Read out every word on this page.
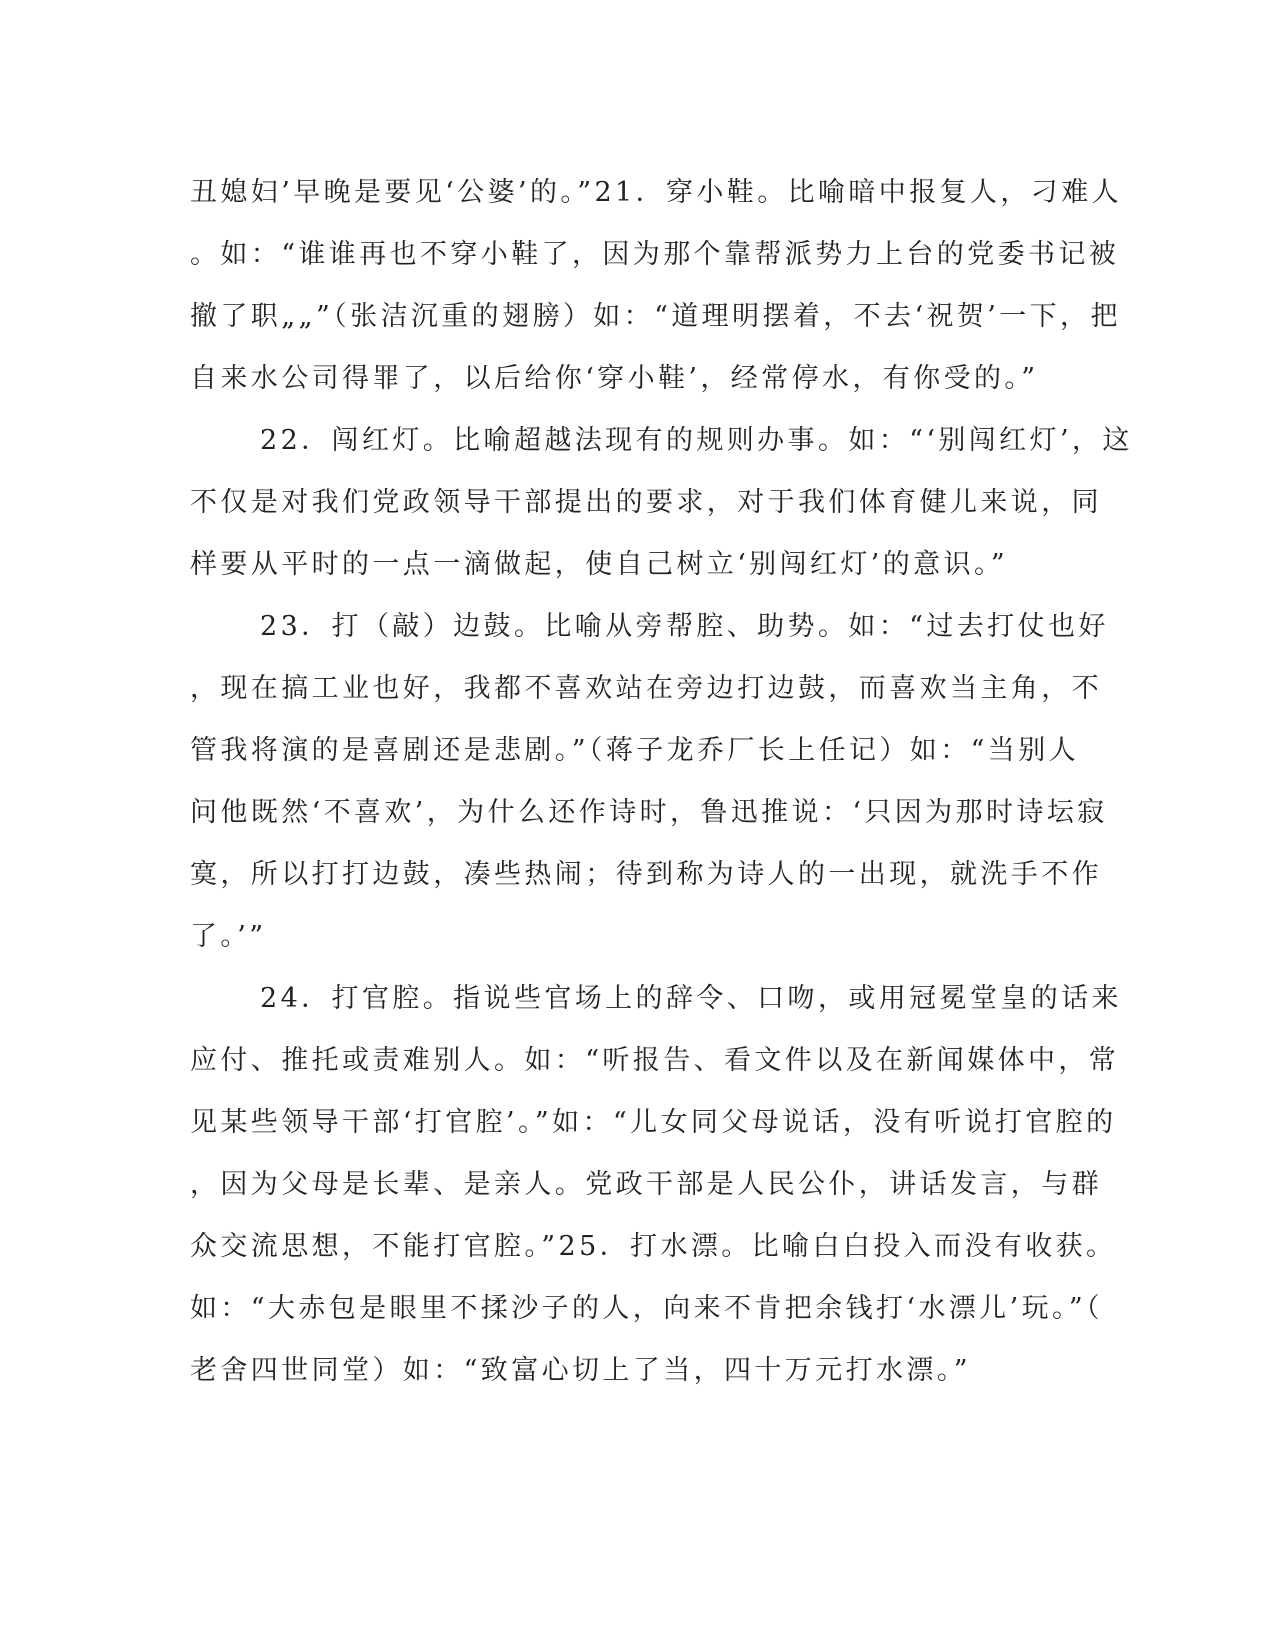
丑媳妇’早晚是要见‘公婆’的。”21．穿小鞋。比喻暗中报复人，刁难人
。如：“谁谁再也不穿小鞋了，因为那个靠帮派势力上台的党委书记被
撤了职„„”（张洁沉重的翅膀）如：“道理明摆着，不去‘祝贺’一下，把
自来水公司得罪了，以后给你‘穿小鞋’，经常停水，有你受的。”
22．闯红灯。比喻超越法现有的规则办事。如：“‘别闯红灯’，这
不仅是对我们党政领导干部提出的要求，对于我们体育健儿来说，同
样要从平时的一点一滴做起，使自己树立‘别闯红灯’的意识。”
23．打（敲）边鼓。比喻从旁帮腔、助势。如：“过去打仗也好
，现在搞工业也好，我都不喜欢站在旁边打边鼓，而喜欢当主角，不
管我将演的是喜剧还是悲剧。”（蒋子龙乔厂长上任记）如：“当别人
问他既然‘不喜欢’，为什么还作诗时，鲁迅推说：‘只因为那时诗坛寂
寞，所以打打边鼓，凑些热闹；待到称为诗人的一出现，就洗手不作
了。’”
24．打官腔。指说些官场上的辞令、口吻，或用冠冕堂皇的话来
应付、推托或责难别人。如：“听报告、看文件以及在新闻媒体中，常
见某些领导干部‘打官腔’。”如：“儿女同父母说话，没有听说打官腔的
，因为父母是长辈、是亲人。党政干部是人民公仆，讲话发言，与群
众交流思想，不能打官腔。”25．打水漂。比喻白白投入而没有收获。
如：“大赤包是眼里不揉沙子的人，向来不肯把余钱打‘水漂儿’玩。”（
老舍四世同堂）如：“致富心切上了当，四十万元打水漂。”
